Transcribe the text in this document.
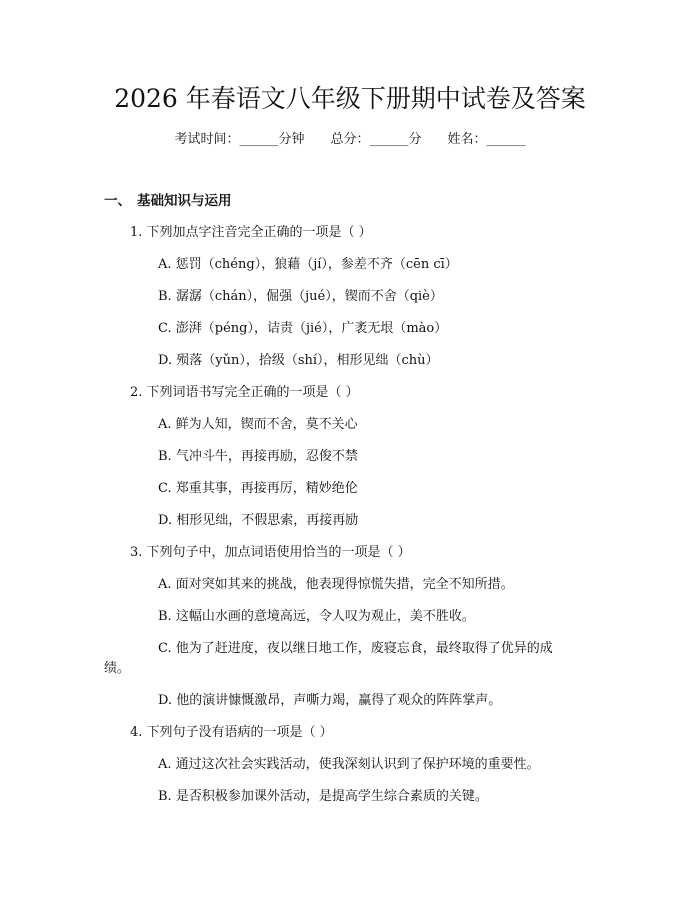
2026 年春语文八年级下册期中试卷及答案
考试时间：______分钟 总分：______分 姓名：______
一、 基础知识与运用
1. 下列加点字注音完全正确的一项是（ ）
A. 惩罚（chéng），狼藉（jí），参差不齐（cēn cī）
B. 潺潺（chán），倔强（jué），锲而不舍（qiè）
C. 澎湃（péng），诘责（jié），广袤无垠（mào）
D. 殒落（yǔn），拾级（shí），相形见绌（chù）
2. 下列词语书写完全正确的一项是（ ）
A. 鲜为人知，锲而不舍，莫不关心
B. 气冲斗牛，再接再励，忍俊不禁
C. 郑重其事，再接再厉，精妙绝伦
D. 相形见绌，不假思索，再接再励
3. 下列句子中，加点词语使用恰当的一项是（ ）
A. 面对突如其来的挑战，他表现得惊慌失措，完全不知所措。
B. 这幅山水画的意境高远，令人叹为观止，美不胜收。
C. 他为了赶进度，夜以继日地工作，废寝忘食，最终取得了优异的成
绩。
D. 他的演讲慷慨激昂，声嘶力竭，赢得了观众的阵阵掌声。
4. 下列句子没有语病的一项是（ ）
A. 通过这次社会实践活动，使我深刻认识到了保护环境的重要性。
B. 是否积极参加课外活动，是提高学生综合素质的关键。
